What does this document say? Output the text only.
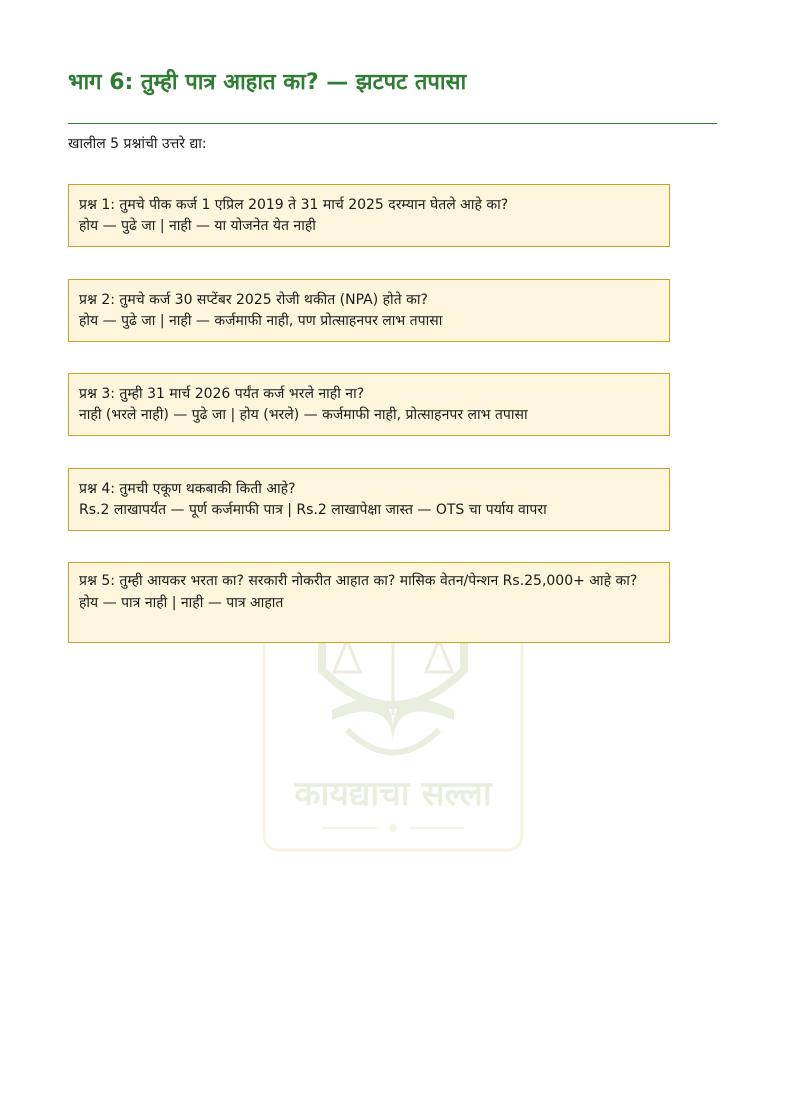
कायद्याचा सल्ला
भाग 6: तुम्ही पात्र आहात का? — झटपट तपासा
खालील 5 प्रश्नांची उत्तरे द्या:
प्रश्न 1: तुमचे पीक कर्ज 1 एप्रिल 2019 ते 31 मार्च 2025 दरम्यान घेतले आहे का?
होय — पुढे जा | नाही — या योजनेत येत नाही
प्रश्न 2: तुमचे कर्ज 30 सप्टेंबर 2025 रोजी थकीत (NPA) होते का?
होय — पुढे जा | नाही — कर्जमाफी नाही, पण प्रोत्साहनपर लाभ तपासा
प्रश्न 3: तुम्ही 31 मार्च 2026 पर्यंत कर्ज भरले नाही ना?
नाही (भरले नाही) — पुढे जा | होय (भरले) — कर्जमाफी नाही, प्रोत्साहनपर लाभ तपासा
प्रश्न 4: तुमची एकूण थकबाकी किती आहे?
Rs.2 लाखापर्यंत — पूर्ण कर्जमाफी पात्र | Rs.2 लाखापेक्षा जास्त — OTS चा पर्याय वापरा
प्रश्न 5: तुम्ही आयकर भरता का? सरकारी नोकरीत आहात का? मासिक वेतन/पेन्शन Rs.25,000+ आहे का?
होय — पात्र नाही | नाही — पात्र आहात
